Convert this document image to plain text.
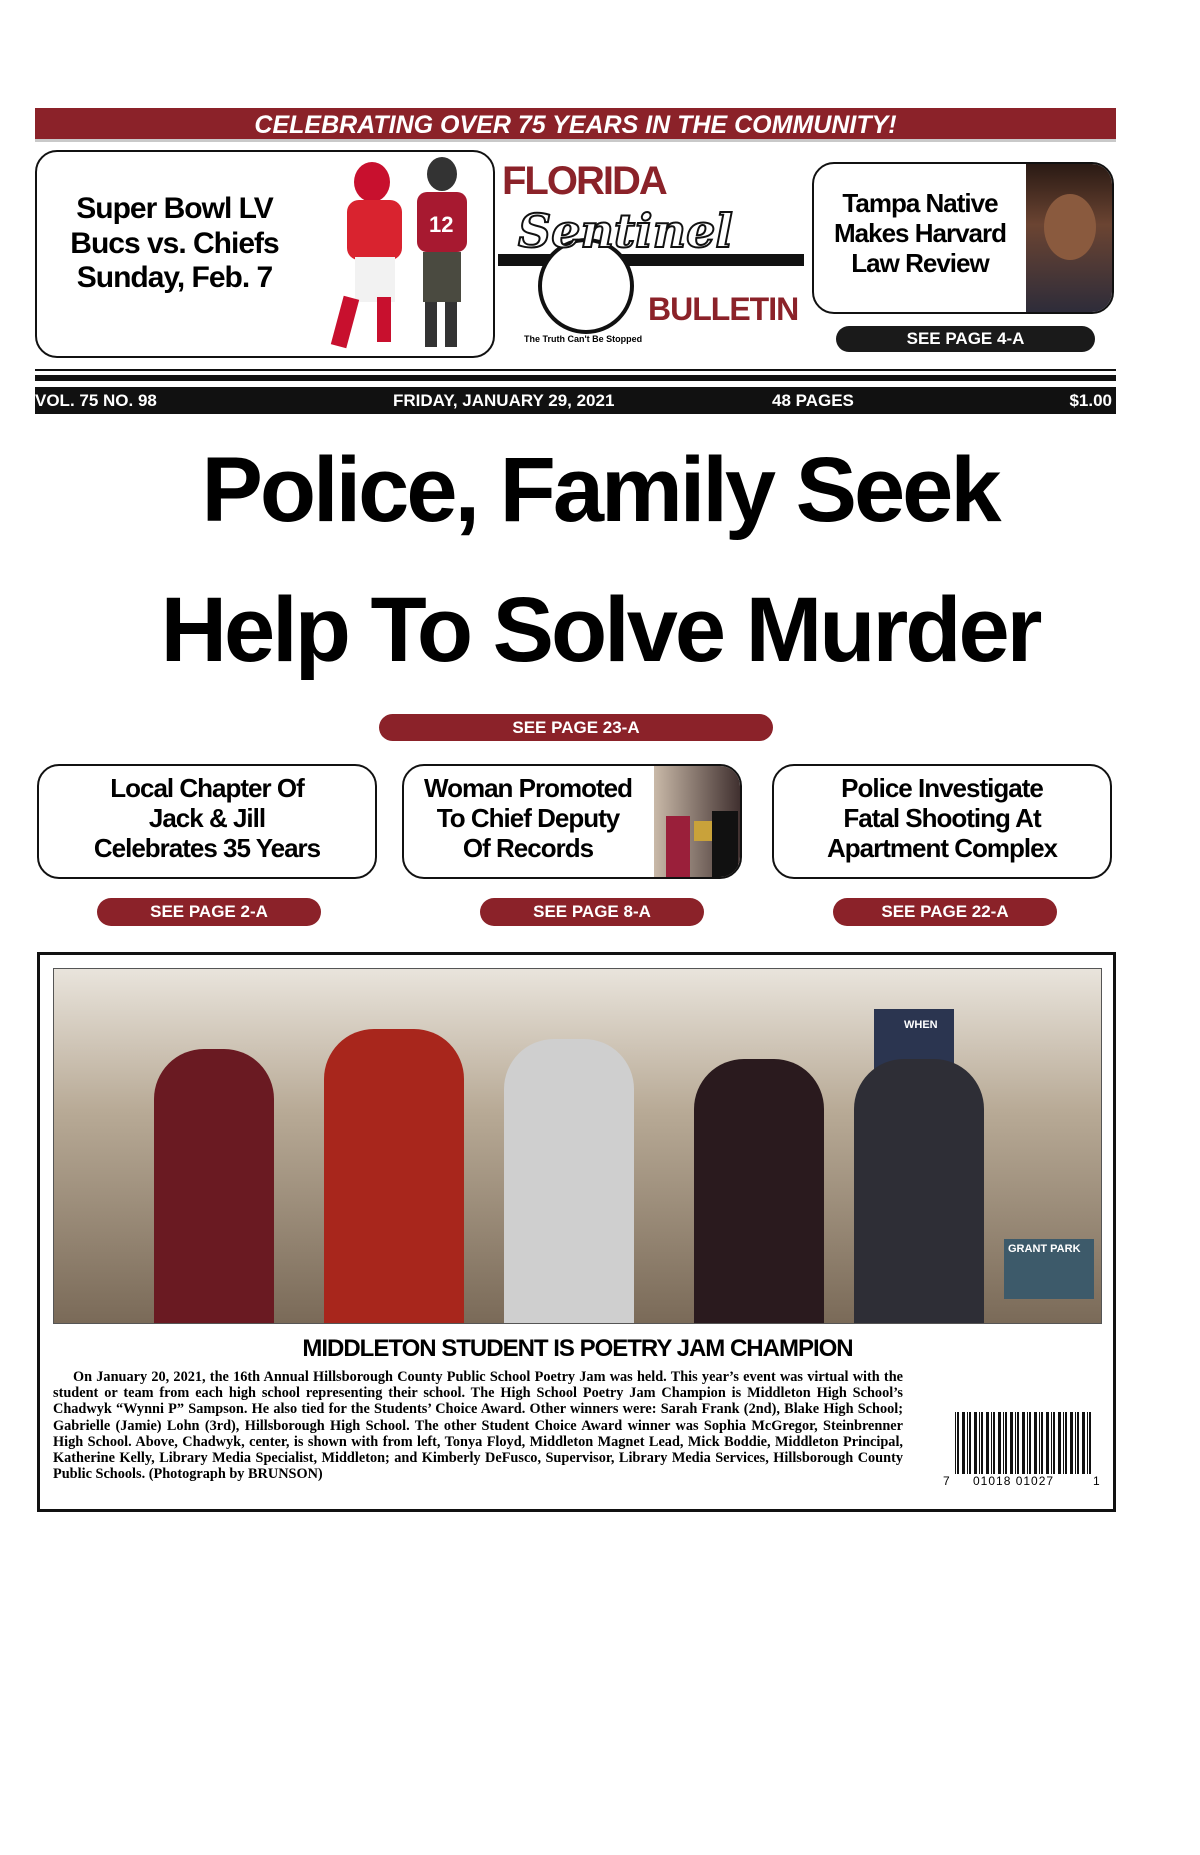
CELEBRATING OVER 75 YEARS IN THE COMMUNITY!
Super Bowl LV
Bucs vs. Chiefs
Sunday, Feb. 7
12
FLORIDA
Sentinel
The Truth Can't Be Stopped
BULLETIN
Tampa Native
Makes Harvard
Law Review
SEE PAGE 4-A
VOL. 75 NO. 98	FRIDAY, JANUARY 29, 2021	48 PAGES	$1.00
Police, Family Seek
Help To Solve Murder
SEE PAGE 23-A
Local Chapter Of
Jack & Jill
Celebrates 35 Years
Woman Promoted
To Chief Deputy
Of Records
Police Investigate
Fatal Shooting At
Apartment Complex
SEE PAGE 2-A	SEE PAGE 8-A	SEE PAGE 22-A
WHEN
GRANT PARK
MIDDLETON STUDENT IS POETRY JAM CHAMPION
On January 20, 2021, the 16th Annual Hillsborough County Public School Poetry Jam was held. This year’s event was virtual with the student or team from each high school representing their school. The High School Poetry Jam Champion is Middleton High School’s Chadwyk “Wynni P” Sampson. He also tied for the Students’ Choice Award. Other winners were: Sarah Frank (2nd), Blake High School; Gabrielle (Jamie) Lohn (3rd), Hillsborough High School. The other Student Choice Award winner was Sophia McGregor, Steinbrenner High School. Above, Chadwyk, center, is shown with from left, Tonya Floyd, Middleton Magnet Lead, Mick Boddie, Middleton Principal, Katherine Kelly, Library Media Specialist, Middleton; and Kimberly DeFusco, Supervisor, Library Media Services, Hillsborough County Public Schools. (Photograph by BRUNSON)	7 01018 01027	1
